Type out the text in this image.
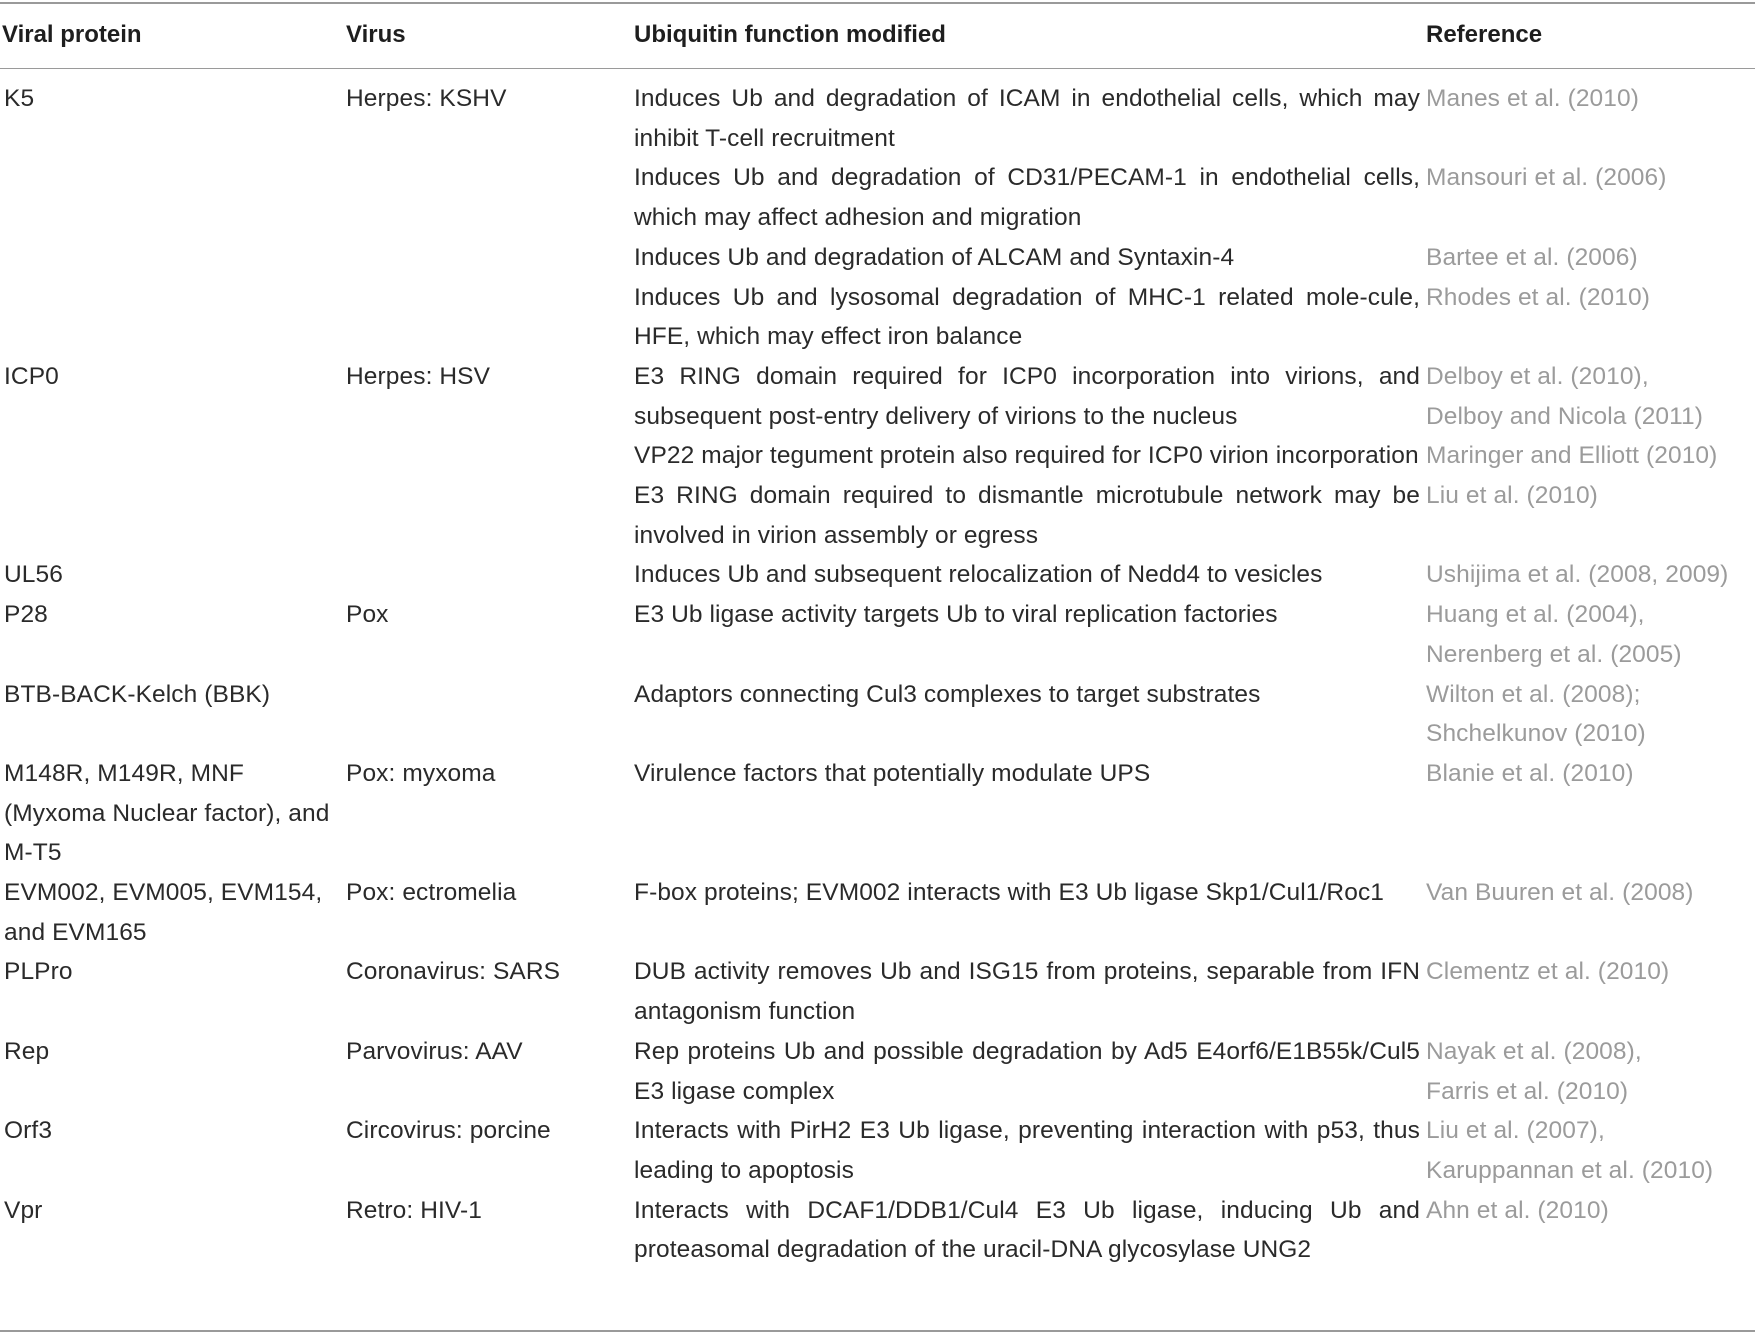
Viral protein	Virus	Ubiquitin function modified	Reference
K5	Herpes: KSHV	Induces Ub and degradation of ICAM in endothelial cells, which may inhibit T-cell recruitment	Manes et al. (2010)

		Induces Ub and degradation of CD31/PECAM-1 in endothelial cells, which may affect adhesion and migration	Mansouri et al. (2006)

		Induces Ub and degradation of ALCAM and Syntaxin-4	Bartee et al. (2006)

		Induces Ub and lysosomal degradation of MHC-1 related mole-cule, HFE, which may effect iron balance	Rhodes et al. (2010)

ICP0	Herpes: HSV	E3 RING domain required for ICP0 incorporation into virions, and subsequent post-entry delivery of virions to the nucleus	Delboy et al. (2010),
Delboy and Nicola (2011)

		VP22 major tegument protein also required for ICP0 virion incorporation	Maringer and Elliott (2010)

		E3 RING domain required to dismantle microtubule network may be involved in virion assembly or egress	Liu et al. (2010)

UL56		Induces Ub and subsequent relocalization of Nedd4 to vesicles	Ushijima et al. (2008, 2009)

P28	Pox	E3 Ub ligase activity targets Ub to viral replication factories	Huang et al. (2004),
Nerenberg et al. (2005)

BTB-BACK-Kelch (BBK)		Adaptors connecting Cul3 complexes to target substrates	Wilton et al. (2008);
Shchelkunov (2010)

M148R, M149R, MNF (Myxoma Nuclear factor), and M-T5	Pox: myxoma	Virulence factors that potentially modulate UPS	Blanie et al. (2010)

EVM002, EVM005, EVM154, and EVM165	Pox: ectromelia	F-box proteins; EVM002 interacts with E3 Ub ligase Skp1/Cul1/Roc1	Van Buuren et al. (2008)

PLPro	Coronavirus: SARS	DUB activity removes Ub and ISG15 from proteins, separable from IFN antagonism function	Clementz et al. (2010)

Rep	Parvovirus: AAV	Rep proteins Ub and possible degradation by Ad5 E4orf6/E1B55k/Cul5 E3 ligase complex	Nayak et al. (2008),
Farris et al. (2010)

Orf3	Circovirus: porcine	Interacts with PirH2 E3 Ub ligase, preventing interaction with p53, thus leading to apoptosis	Liu et al. (2007),
Karuppannan et al. (2010)

Vpr	Retro: HIV-1	Interacts with DCAF1/DDB1/Cul4 E3 Ub ligase, inducing Ub and proteasomal degradation of the uracil-DNA glycosylase UNG2	Ahn et al. (2010)
